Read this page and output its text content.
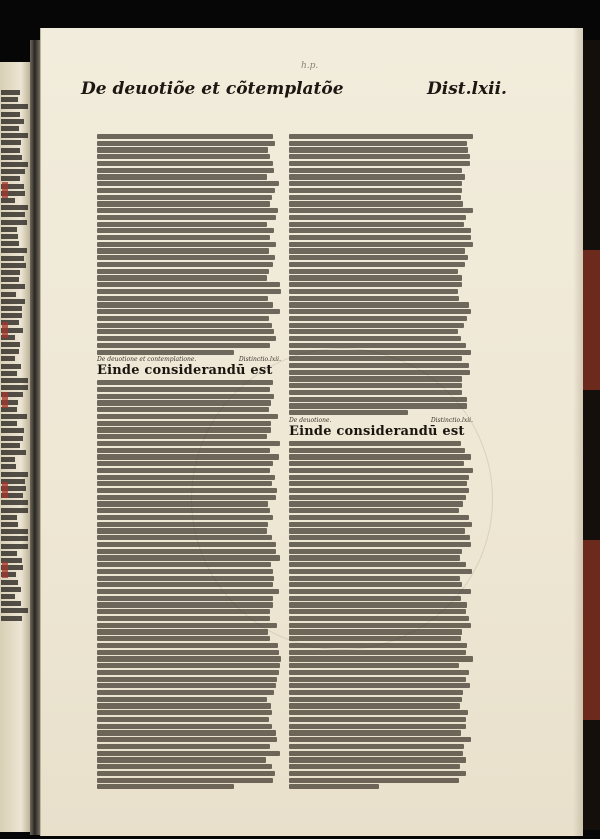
h.p.
De deuotiõe et cõtemplatõe	Dist.lxii.
De deuotione et contemplatione.	Distinctio.lxii.
Einde considerandū est
De deuotione.	Distinctio.lxii.
Einde considerandū est
